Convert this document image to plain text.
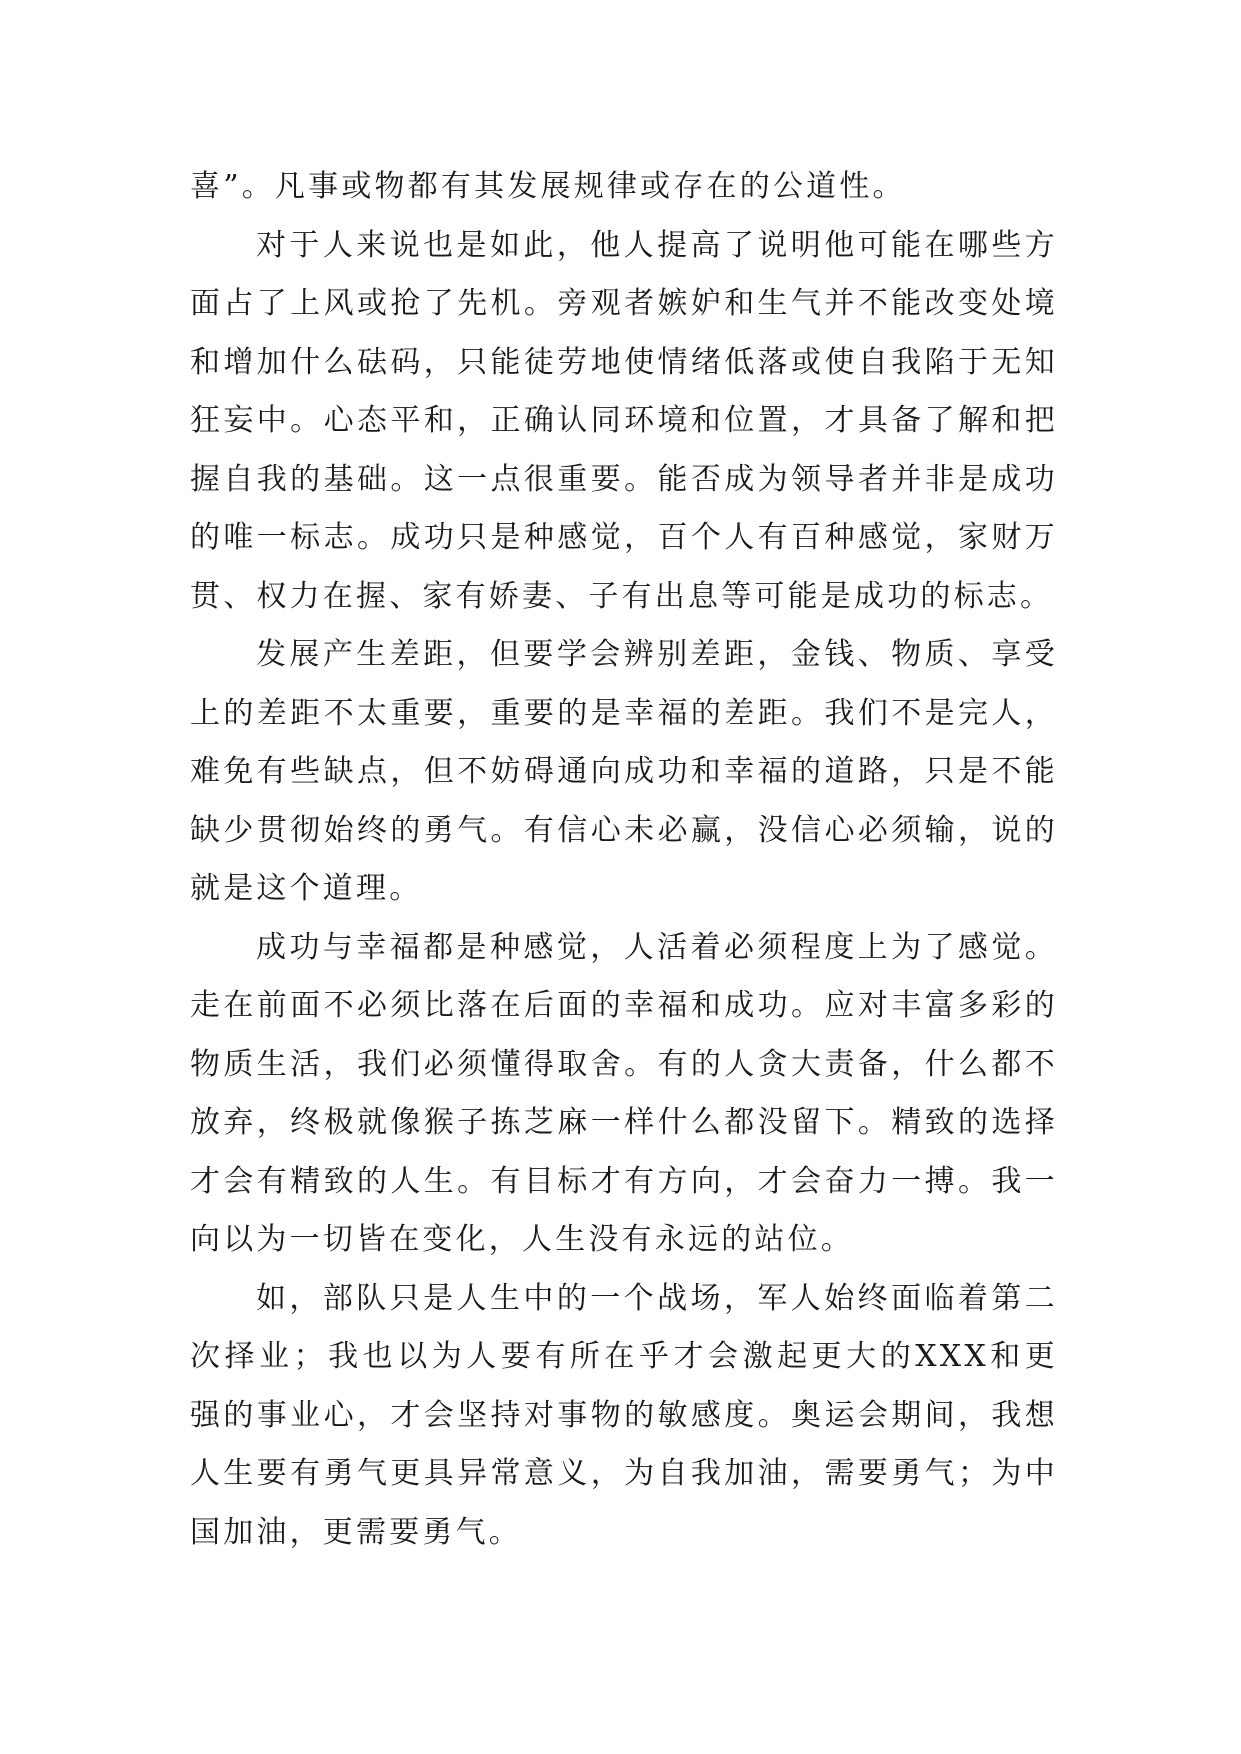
喜”。凡事或物都有其发展规律或存在的公道性。

对于人来说也是如此，他人提高了说明他可能在哪些方面占了上风或抢了先机。旁观者嫉妒和生气并不能改变处境和增加什么砝码，只能徒劳地使情绪低落或使自我陷于无知狂妄中。心态平和，正确认同环境和位置，才具备了解和把握自我的基础。这一点很重要。能否成为领导者并非是成功的唯一标志。成功只是种感觉，百个人有百种感觉，家财万贯、权力在握、家有娇妻、子有出息等可能是成功的标志。

发展产生差距，但要学会辨别差距，金钱、物质、享受上的差距不太重要，重要的是幸福的差距。我们不是完人，难免有些缺点，但不妨碍通向成功和幸福的道路，只是不能缺少贯彻始终的勇气。有信心未必赢，没信心必须输，说的就是这个道理。

成功与幸福都是种感觉，人活着必须程度上为了感觉。走在前面不必须比落在后面的幸福和成功。应对丰富多彩的物质生活，我们必须懂得取舍。有的人贪大责备，什么都不放弃，终极就像猴子拣芝麻一样什么都没留下。精致的选择才会有精致的人生。有目标才有方向，才会奋力一搏。我一向以为一切皆在变化，人生没有永远的站位。

如，部队只是人生中的一个战场，军人始终面临着第二次择业；我也以为人要有所在乎才会激起更大的XXX和更强的事业心，才会坚持对事物的敏感度。奥运会期间，我想人生要有勇气更具异常意义，为自我加油，需要勇气；为中国加油，更需要勇气。
